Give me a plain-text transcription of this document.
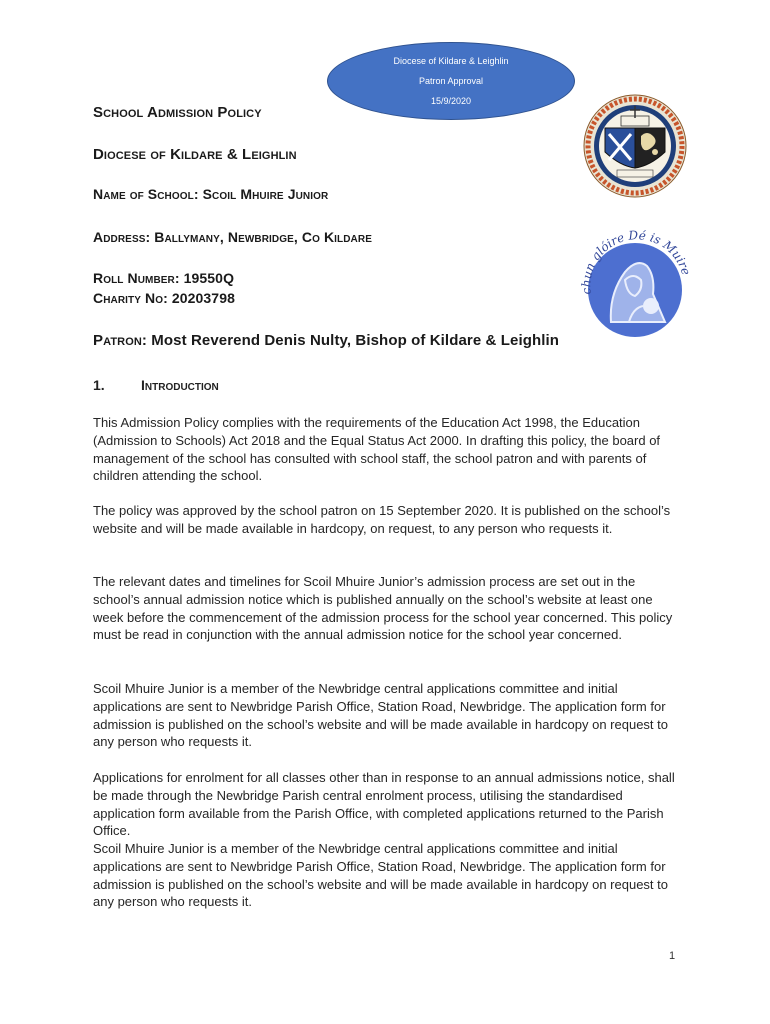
Diocese of Kildare & Leighlin
Patron Approval
15/9/2020
School Admission Policy
Diocese of Kildare & Leighlin
Name of School: Scoil Mhuire Junior
Address: Ballymany, Newbridge, Co Kildare
Roll Number: 19550Q
Charity No: 20203798
Patron: Most Reverend Denis Nulty, Bishop of Kildare & Leighlin
chun glóire Dé is Muire
1.	Introduction
This Admission Policy complies with the requirements of the Education Act 1998, the Education (Admission to Schools) Act 2018 and the Equal Status Act 2000. In drafting this policy, the board of management of the school has consulted with school staff, the school patron and with parents of children attending the school.
The policy was approved by the school patron on 15 September 2020. It is published on the school’s website and will be made available in hardcopy, on request, to any person who requests it.
The relevant dates and timelines for Scoil Mhuire Junior’s admission process are set out in the school’s annual admission notice which is published annually on the school’s website at least one week before the commencement of the admission process for the school year concerned. This policy must be read in conjunction with the annual admission notice for the school year concerned.
Scoil Mhuire Junior is a member of the Newbridge central applications committee and initial applications are sent to Newbridge Parish Office, Station Road, Newbridge. The application form for admission is published on the school’s website and will be made available in hardcopy on request to any person who requests it.
Applications for enrolment for all classes other than in response to an annual admissions notice, shall be made through the Newbridge Parish central enrolment process, utilising the standardised application form available from the Parish Office, with completed applications returned to the Parish Office.
Scoil Mhuire Junior is a member of the Newbridge central applications committee and initial applications are sent to Newbridge Parish Office, Station Road, Newbridge. The application form for admission is published on the school’s website and will be made available in hardcopy on request to any person who requests it.
1
